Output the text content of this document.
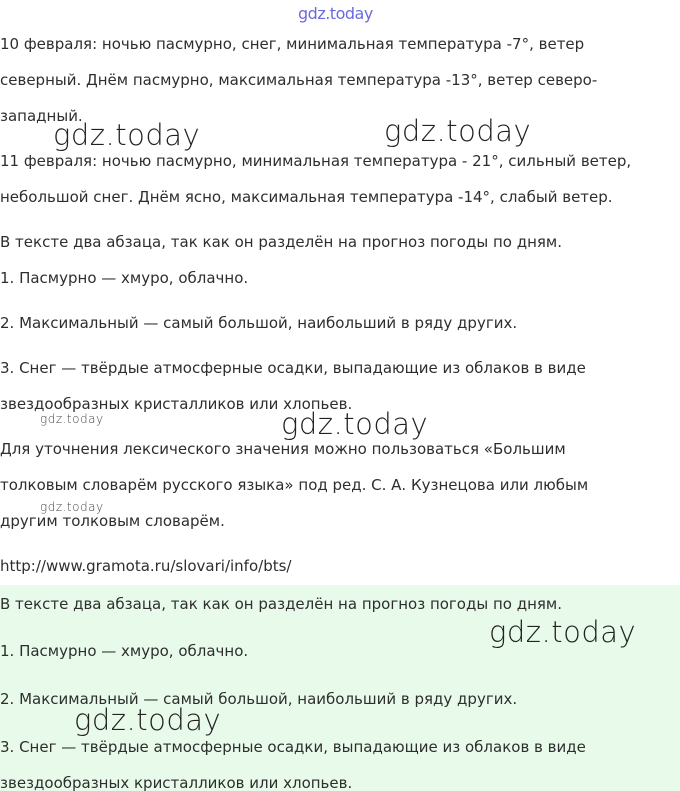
gdz.today
10 февраля: ночью пасмурно, снег, минимальная температура -7°, ветер
северный. Днём пасмурно, максимальная температура -13°, ветер северо-
западный.
gdz.today	gdz.today
11 февраля: ночью пасмурно, минимальная температура - 21°, сильный ветер,
небольшой снег. Днём ясно, максимальная температура -14°, слабый ветер.
В тексте два абзаца, так как он разделён на прогноз погоды по дням.
1. Пасмурно — хмуро, облачно.
2. Максимальный — самый большой, наибольший в ряду других.
3. Снег — твёрдые атмосферные осадки, выпадающие из облаков в виде
звездообразных кристалликов или хлопьев.
gdz.today	gdz.today
Для уточнения лексического значения можно пользоваться «Большим
толковым словарём русского языка» под ред. С. А. Кузнецова или любым
gdz.today
другим толковым словарём.
http://www.gramota.ru/slovari/info/bts/
В тексте два абзаца, так как он разделён на прогноз погоды по дням.
gdz.today
1. Пасмурно — хмуро, облачно.
2. Максимальный — самый большой, наибольший в ряду других.
gdz.today
3. Снег — твёрдые атмосферные осадки, выпадающие из облаков в виде
звездообразных кристалликов или хлопьев.
